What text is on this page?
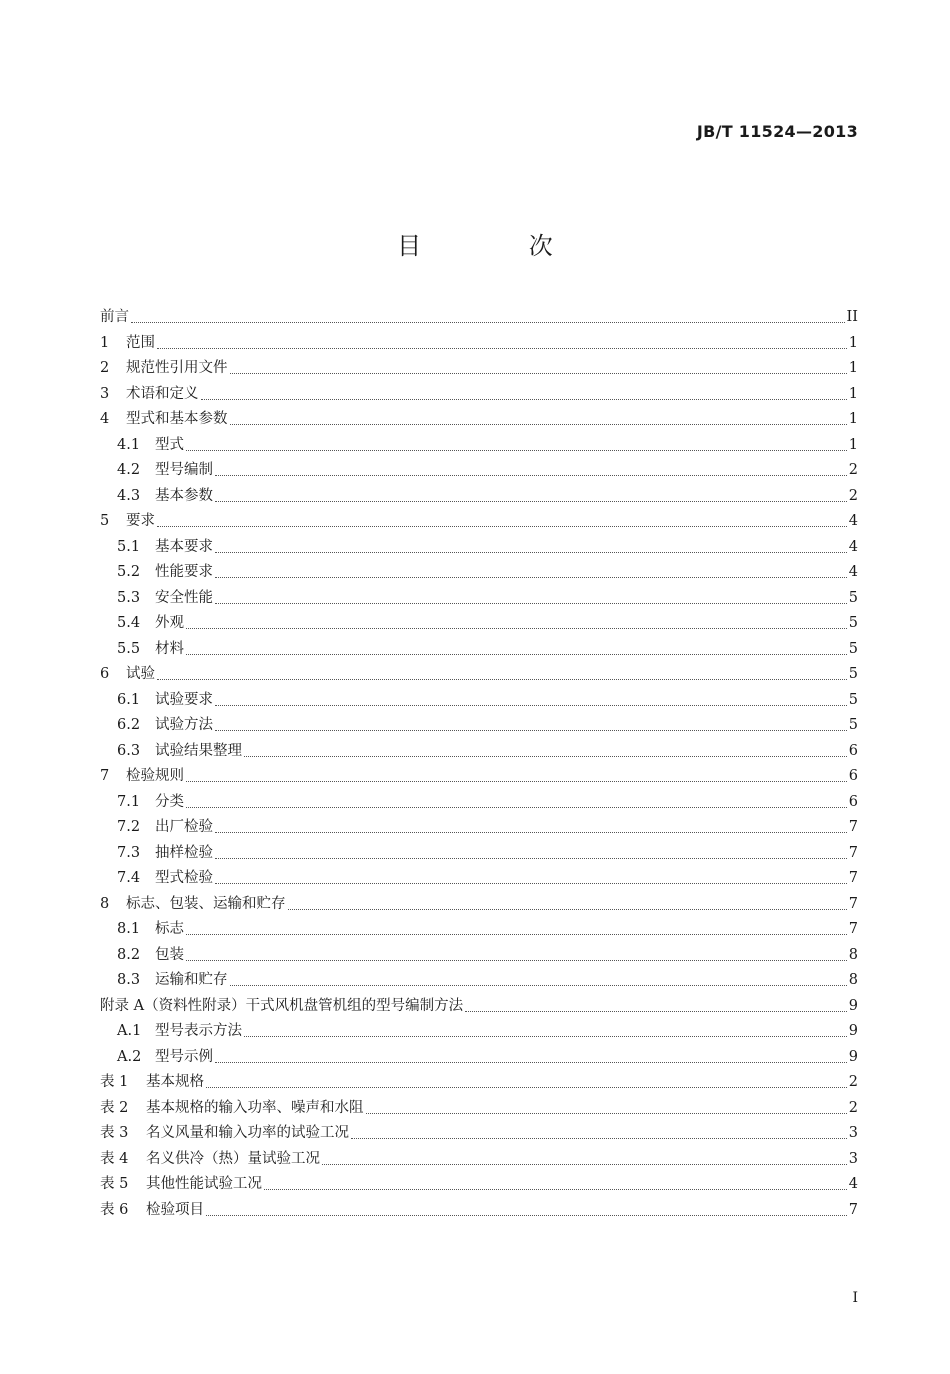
JB/T 11524—2013
目 次
前言	II
1	范围	1
2	规范性引用文件	1
3	术语和定义	1
4	型式和基本参数	1
4.1	型式	1
4.2	型号编制	2
4.3	基本参数	2
5	要求	4
5.1	基本要求	4
5.2	性能要求	4
5.3	安全性能	5
5.4	外观	5
5.5	材料	5
6	试验	5
6.1	试验要求	5
6.2	试验方法	5
6.3	试验结果整理	6
7	检验规则	6
7.1	分类	6
7.2	出厂检验	7
7.3	抽样检验	7
7.4	型式检验	7
8	标志、包装、运输和贮存	7
8.1	标志	7
8.2	包装	8
8.3	运输和贮存	8
附录 A（资料性附录）干式风机盘管机组的型号编制方法	9
A.1 型号表示方法	9
A.2 型号示例	9
表 1	基本规格	2
表 2	基本规格的输入功率、噪声和水阻	2
表 3	名义风量和输入功率的试验工况	3
表 4	名义供冷（热）量试验工况	3
表 5	其他性能试验工况	4
表 6	检验项目	7
I
